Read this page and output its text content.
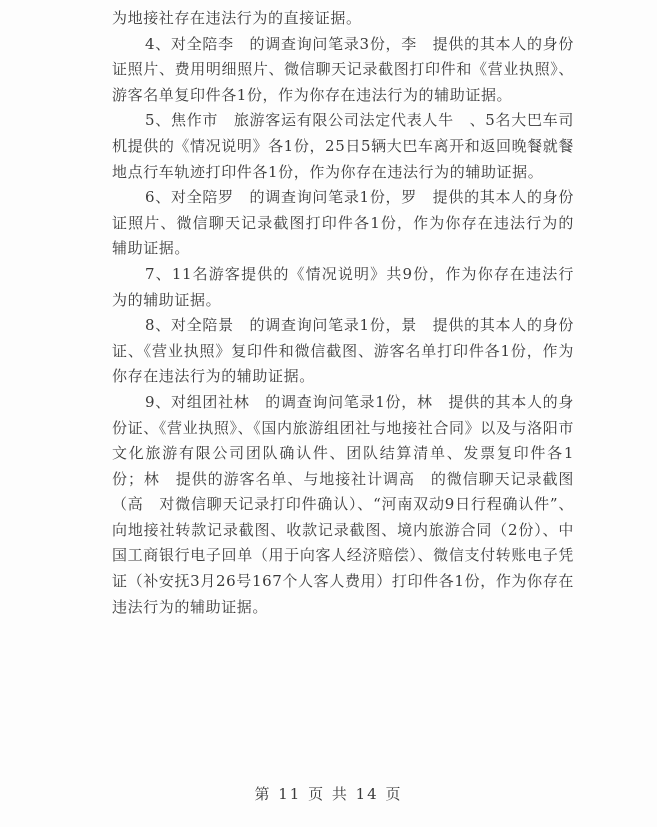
为地接社存在违法行为的直接证据。

4、对全陪李　的调查询问笔录3份，李　提供的其本人的身份证照片、费用明细照片、微信聊天记录截图打印件和《营业执照》、游客名单复印件各1份，作为你存在违法行为的辅助证据。

5、焦作市　旅游客运有限公司法定代表人牛　、5名大巴车司机提供的《情况说明》各1份，25日5辆大巴车离开和返回晚餐就餐地点行车轨迹打印件各1份，作为你存在违法行为的辅助证据。

6、对全陪罗　的调查询问笔录1份，罗　提供的其本人的身份证照片、微信聊天记录截图打印件各1份，作为你存在违法行为的辅助证据。

7、11名游客提供的《情况说明》共9份，作为你存在违法行为的辅助证据。

8、对全陪景　的调查询问笔录1份，景　提供的其本人的身份证、《营业执照》复印件和微信截图、游客名单打印件各1份，作为你存在违法行为的辅助证据。

9、对组团社林　的调查询问笔录1份，林　提供的其本人的身份证、《营业执照》、《国内旅游组团社与地接社合同》以及与洛阳市　文化旅游有限公司团队确认件、团队结算清单、发票复印件各1份；林　提供的游客名单、与地接社计调高　的微信聊天记录截图（高　对微信聊天记录打印件确认）、“河南双动9日行程确认件”、向地接社转款记录截图、收款记录截图、境内旅游合同（2份）、中国工商银行电子回单（用于向客人经济赔偿）、微信支付转账电子凭证（补安抚3月26号167个人客人费用）打印件各1份，作为你存在违法行为的辅助证据。

第 11 页 共 14 页
